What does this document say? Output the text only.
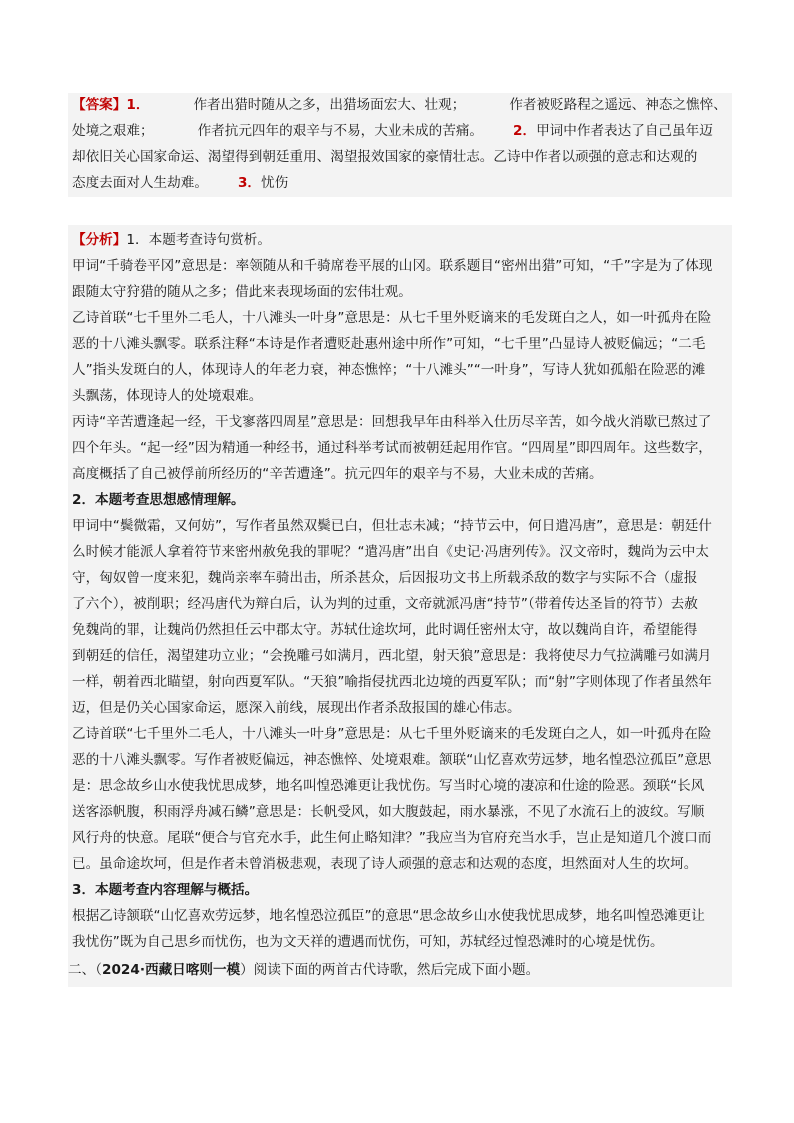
【答案】1．	作者出猎时随从之多，出猎场面宏大、壮观；	作者被贬路程之遥远、神态之憔悴、
处境之艰难；	作者抗元四年的艰辛与不易，大业未成的苦痛。 2．甲词中作者表达了自己虽年迈
却依旧关心国家命运、渴望得到朝廷重用、渴望报效国家的豪情壮志。乙诗中作者以顽强的意志和达观的
态度去面对人生劫难。 3．忧伤
【分析】1．本题考查诗句赏析。
甲词“千骑卷平冈”意思是：率领随从和千骑席卷平展的山冈。联系题目“密州出猎”可知，“千”字是为了体现
跟随太守狩猎的随从之多；借此来表现场面的宏伟壮观。
乙诗首联“七千里外二毛人，十八滩头一叶身”意思是：从七千里外贬谪来的毛发斑白之人，如一叶孤舟在险
恶的十八滩头飘零。联系注释“本诗是作者遭贬赴惠州途中所作”可知，“七千里”凸显诗人被贬偏远；“二毛
人”指头发斑白的人，体现诗人的年老力衰，神态憔悴；“十八滩头”“一叶身”，写诗人犹如孤船在险恶的滩
头飘荡，体现诗人的处境艰难。
丙诗“辛苦遭逢起一经，干戈寥落四周星”意思是：回想我早年由科举入仕历尽辛苦，如今战火消歇已熬过了
四个年头。“起一经”因为精通一种经书，通过科举考试而被朝廷起用作官。“四周星”即四周年。这些数字，
高度概括了自己被俘前所经历的“辛苦遭逢”。抗元四年的艰辛与不易，大业未成的苦痛。
2．本题考查思想感情理解。
甲词中“鬓微霜，又何妨”，写作者虽然双鬓已白，但壮志未减；“持节云中，何日遣冯唐”，意思是：朝廷什
么时候才能派人拿着符节来密州赦免我的罪呢？“遣冯唐”出自《史记·冯唐列传》。汉文帝时，魏尚为云中太
守，匈奴曾一度来犯，魏尚亲率车骑出击，所杀甚众，后因报功文书上所载杀敌的数字与实际不合（虚报
了六个），被削职；经冯唐代为辩白后，认为判的过重，文帝就派冯唐“持节”（带着传达圣旨的符节）去赦
免魏尚的罪，让魏尚仍然担任云中郡太守。苏轼仕途坎坷，此时调任密州太守，故以魏尚自许，希望能得
到朝廷的信任，渴望建功立业；“会挽雕弓如满月，西北望，射天狼”意思是：我将使尽力气拉满雕弓如满月
一样，朝着西北瞄望，射向西夏军队。“天狼”喻指侵扰西北边境的西夏军队；而“射”字则体现了作者虽然年
迈，但是仍关心国家命运，愿深入前线，展现出作者杀敌报国的雄心伟志。
乙诗首联“七千里外二毛人，十八滩头一叶身”意思是：从七千里外贬谪来的毛发斑白之人，如一叶孤舟在险
恶的十八滩头飘零。写作者被贬偏远，神态憔悴、处境艰难。颔联“山忆喜欢劳远梦，地名惶恐泣孤臣”意思
是：思念故乡山水使我忧思成梦，地名叫惶恐滩更让我忧伤。写当时心境的凄凉和仕途的险恶。颈联“长风
送客添帆腹，积雨浮舟减石鳞”意思是：长帆受风，如大腹鼓起，雨水暴涨，不见了水流石上的波纹。写顺
风行舟的快意。尾联“便合与官充水手，此生何止略知津？”我应当为官府充当水手，岂止是知道几个渡口而
已。虽命途坎坷，但是作者未曾消极悲观，表现了诗人顽强的意志和达观的态度，坦然面对人生的坎坷。
3．本题考查内容理解与概括。
根据乙诗颔联“山忆喜欢劳远梦，地名惶恐泣孤臣”的意思“思念故乡山水使我忧思成梦，地名叫惶恐滩更让
我忧伤”既为自己思乡而忧伤，也为文天祥的遭遇而忧伤，可知，苏轼经过惶恐滩时的心境是忧伤。
二、（2024·西藏日喀则一模）阅读下面的两首古代诗歌，然后完成下面小题。
